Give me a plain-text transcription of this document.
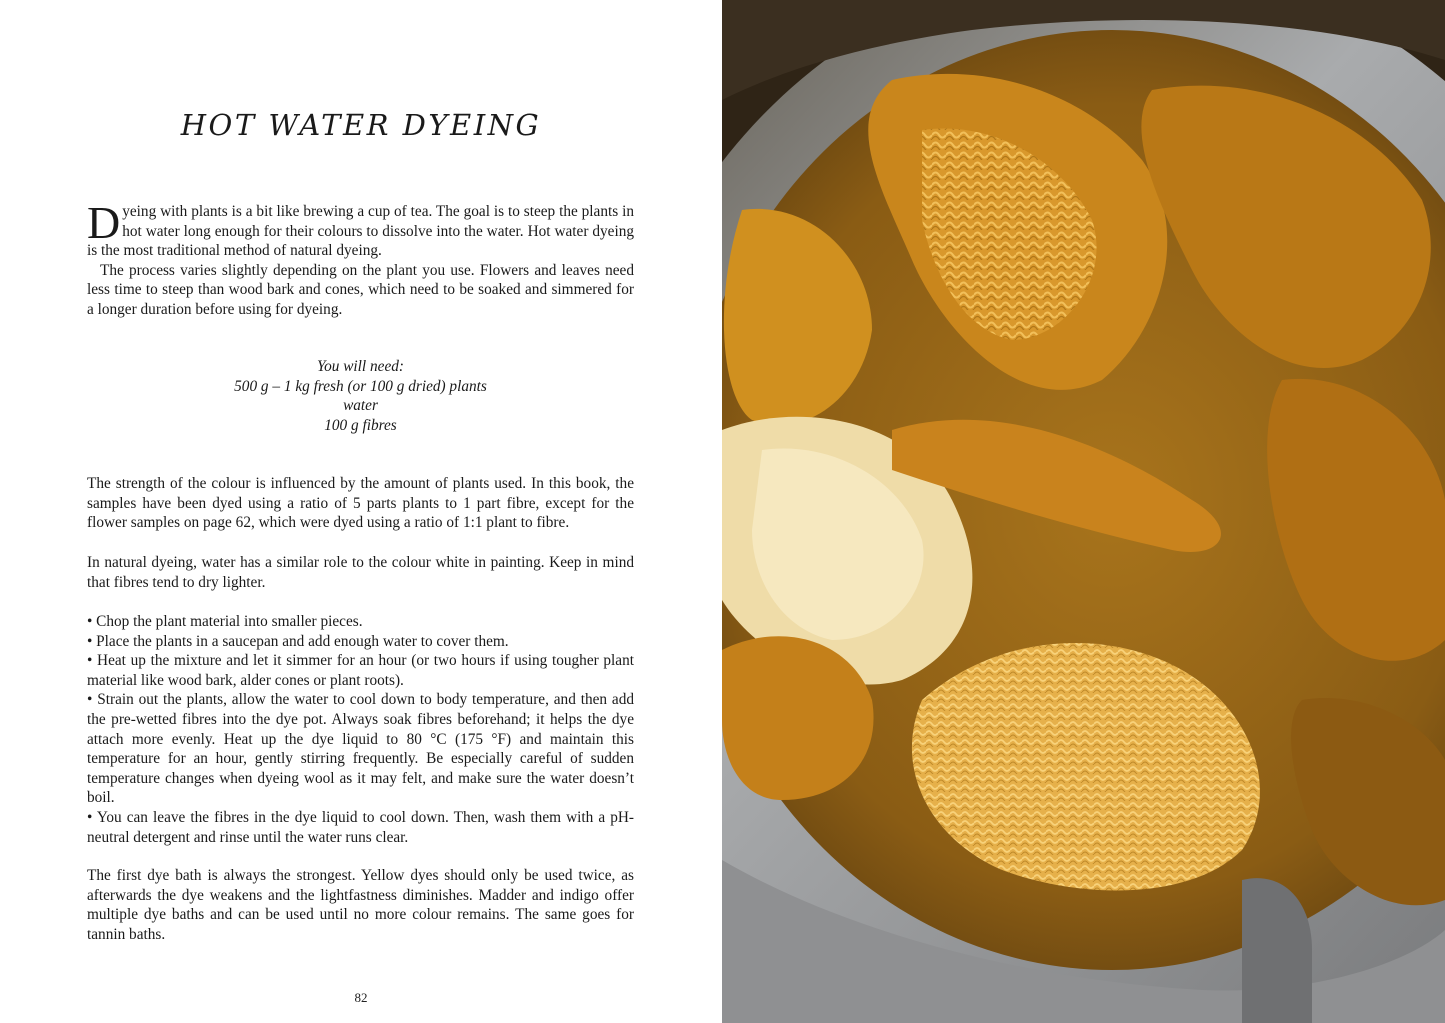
HOT WATER DYEING

Dyeing with plants is a bit like brewing a cup of tea. The goal is to steep the plants in hot water long enough for their colours to dissolve into the water. Hot water dyeing is the most traditional method of natural dyeing.

The process varies slightly depending on the plant you use. Flowers and leaves need less time to steep than wood bark and cones, which need to be soaked and simmered for a longer duration before using for dyeing.

You will need:
500 g – 1 kg fresh (or 100 g dried) plants
water
100 g fibres
The strength of the colour is influenced by the amount of plants used. In this book, the samples have been dyed using a ratio of 5 parts plants to 1 part fibre, except for the flower samples on page 62, which were dyed using a ratio of 1:1 plant to fibre.
In natural dyeing, water has a similar role to the colour white in painting. Keep in mind that fibres tend to dry lighter.

• Chop the plant material into smaller pieces.

• Place the plants in a saucepan and add enough water to cover them.

• Heat up the mixture and let it simmer for an hour (or two hours if using tougher plant material like wood bark, alder cones or plant roots).

• Strain out the plants, allow the water to cool down to body temperature, and then add the pre-wetted fibres into the dye pot. Always soak fibres beforehand; it helps the dye attach more evenly. Heat up the dye liquid to 80 °C (175 °F) and maintain this temperature for an hour, gently stirring frequently. Be especially careful of sudden temperature changes when dyeing wool as it may felt, and make sure the water doesn’t boil.

• You can leave the fibres in the dye liquid to cool down. Then, wash them with a pH-neutral detergent and rinse until the water runs clear.

The first dye bath is always the strongest. Yellow dyes should only be used twice, as afterwards the dye weakens and the lightfastness diminishes. Madder and indigo offer multiple dye baths and can be used until no more colour remains. The same goes for tannin baths.
82
